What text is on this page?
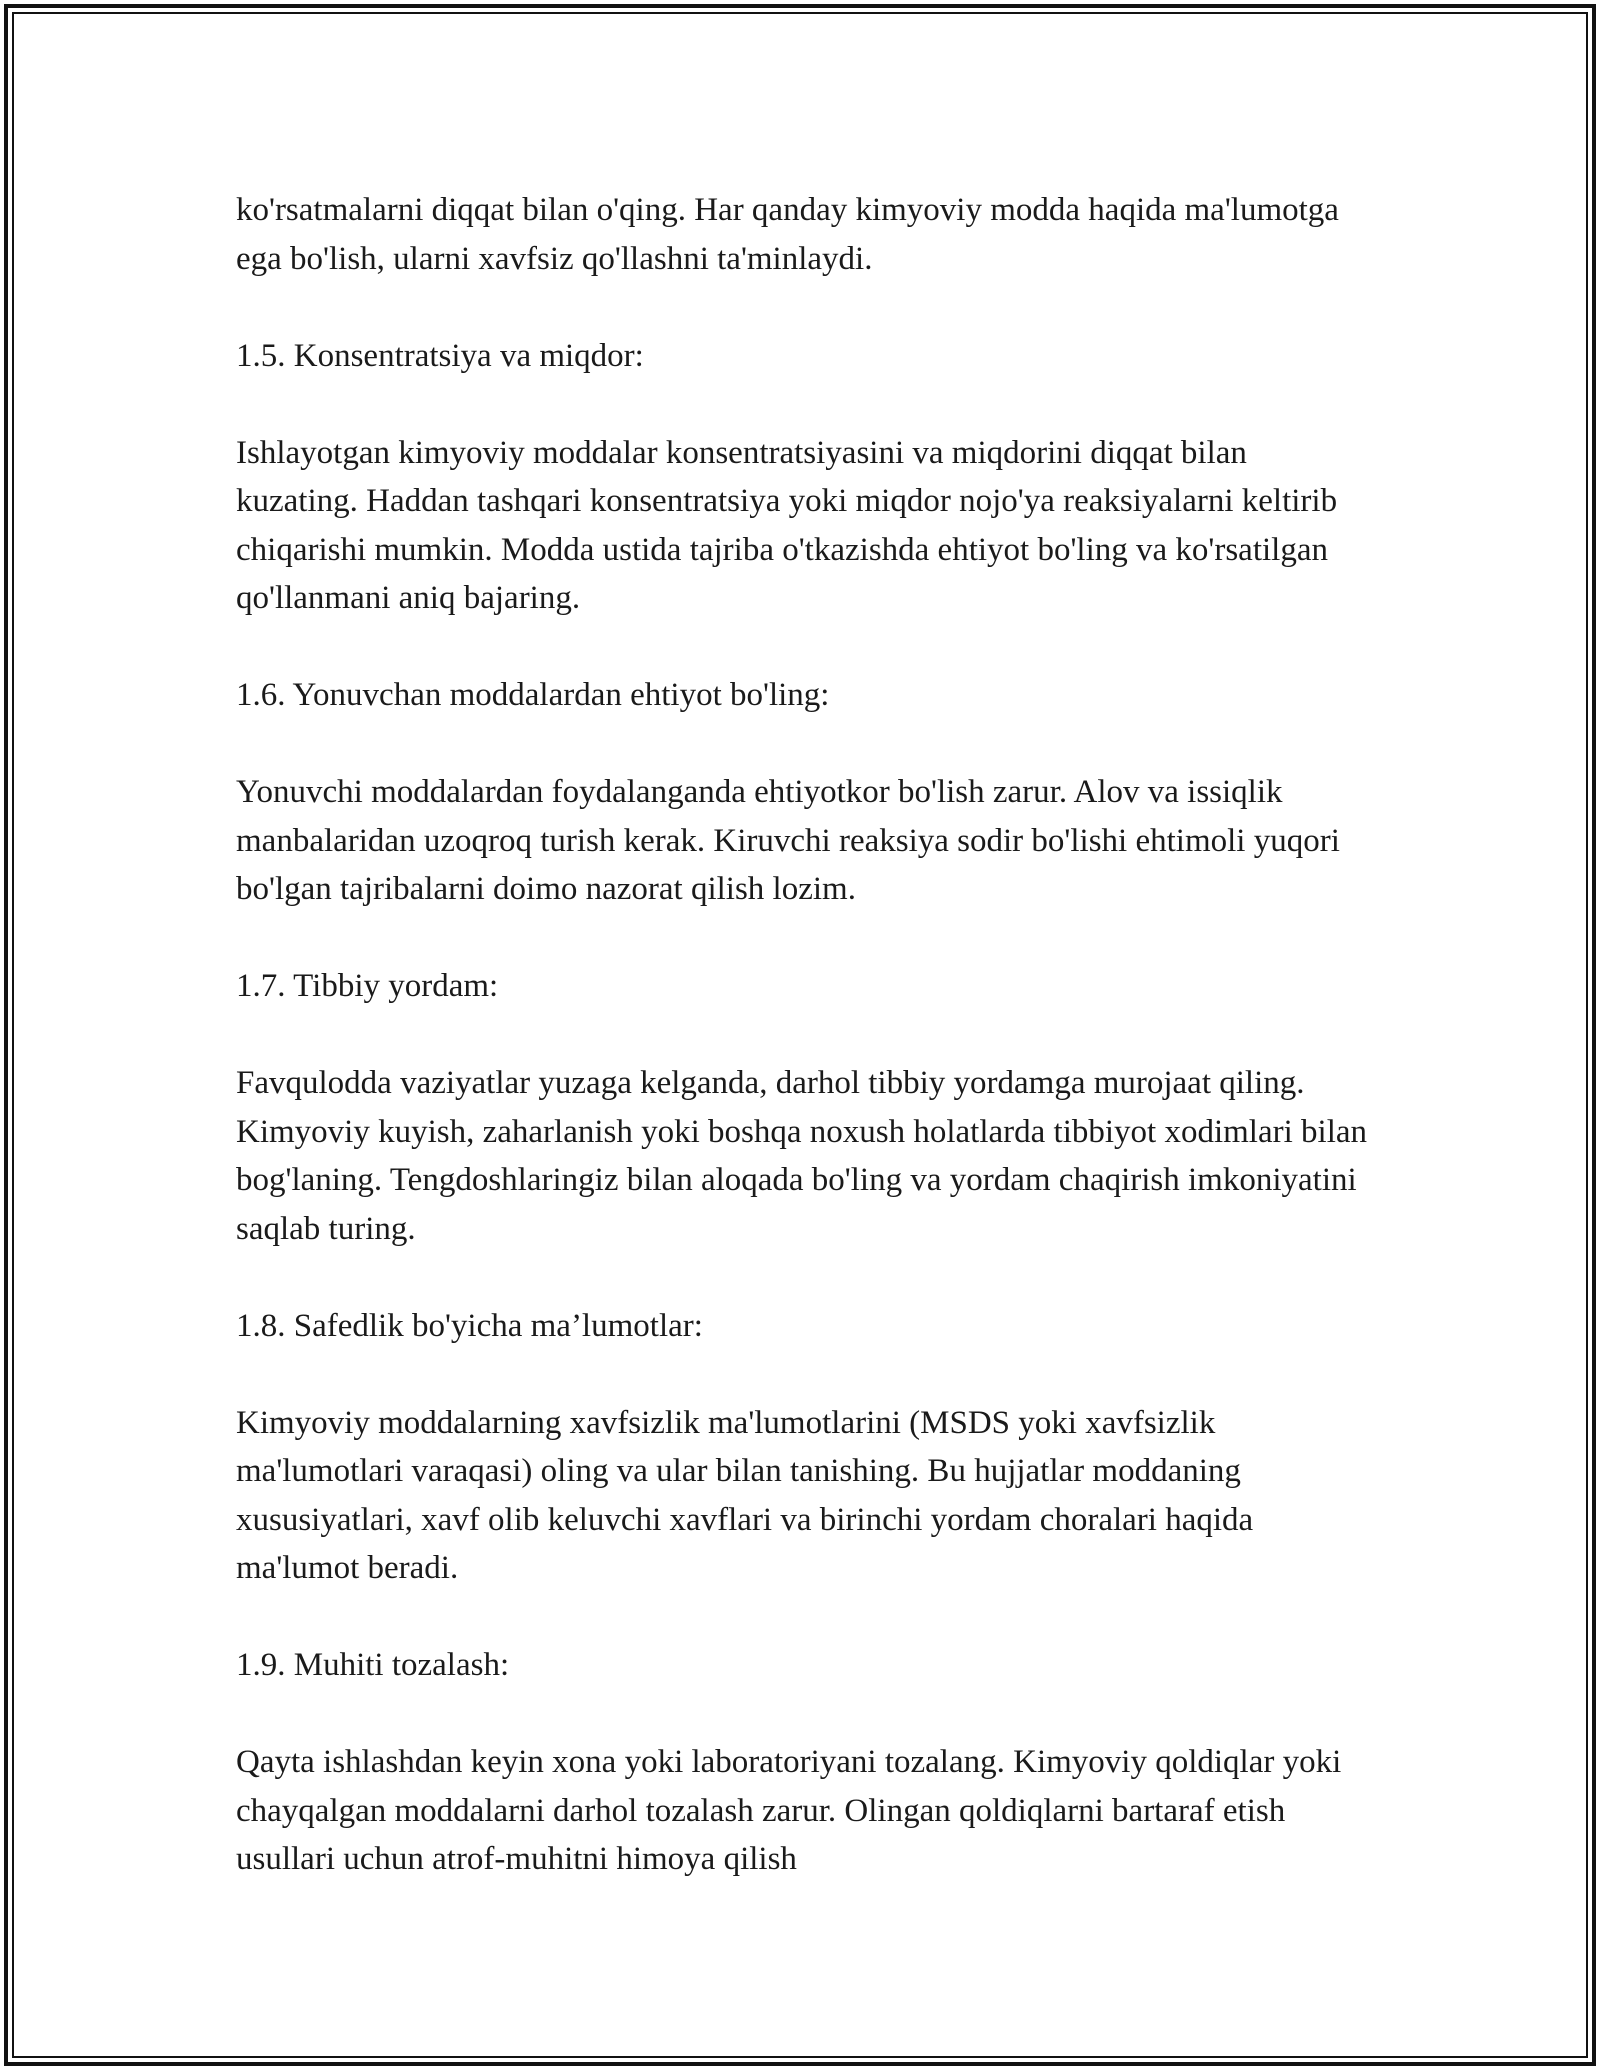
ko'rsatmalarni diqqat bilan o'qing. Har qanday kimyoviy modda haqida ma'lumotga ega bo'lish, ularni xavfsiz qo'llashni ta'minlaydi.

1.5. Konsentratsiya va miqdor:

Ishlayotgan kimyoviy moddalar konsentratsiyasini va miqdorini diqqat bilan kuzating. Haddan tashqari konsentratsiya yoki miqdor nojo'ya reaksiyalarni keltirib chiqarishi mumkin. Modda ustida tajriba o'tkazishda ehtiyot bo'ling va ko'rsatilgan qo'llanmani aniq bajaring.

1.6. Yonuvchan moddalardan ehtiyot bo'ling:

Yonuvchi moddalardan foydalanganda ehtiyotkor bo'lish zarur. Alov va issiqlik manbalaridan uzoqroq turish kerak. Kiruvchi reaksiya sodir bo'lishi ehtimoli yuqori bo'lgan tajribalarni doimo nazorat qilish lozim.

1.7. Tibbiy yordam:

Favqulodda vaziyatlar yuzaga kelganda, darhol tibbiy yordamga murojaat qiling. Kimyoviy kuyish, zaharlanish yoki boshqa noxush holatlarda tibbiyot xodimlari bilan bog'laning. Tengdoshlaringiz bilan aloqada bo'ling va yordam chaqirish imkoniyatini saqlab turing.

1.8. Safedlik bo'yicha ma’lumotlar:

Kimyoviy moddalarning xavfsizlik ma'lumotlarini (MSDS yoki xavfsizlik ma'lumotlari varaqasi) oling va ular bilan tanishing. Bu hujjatlar moddaning xususiyatlari, xavf olib keluvchi xavflari va birinchi yordam choralari haqida ma'lumot beradi.

1.9. Muhiti tozalash:

Qayta ishlashdan keyin xona yoki laboratoriyani tozalang. Kimyoviy qoldiqlar yoki chayqalgan moddalarni darhol tozalash zarur. Olingan qoldiqlarni bartaraf etish usullari uchun atrof-muhitni himoya qilish
